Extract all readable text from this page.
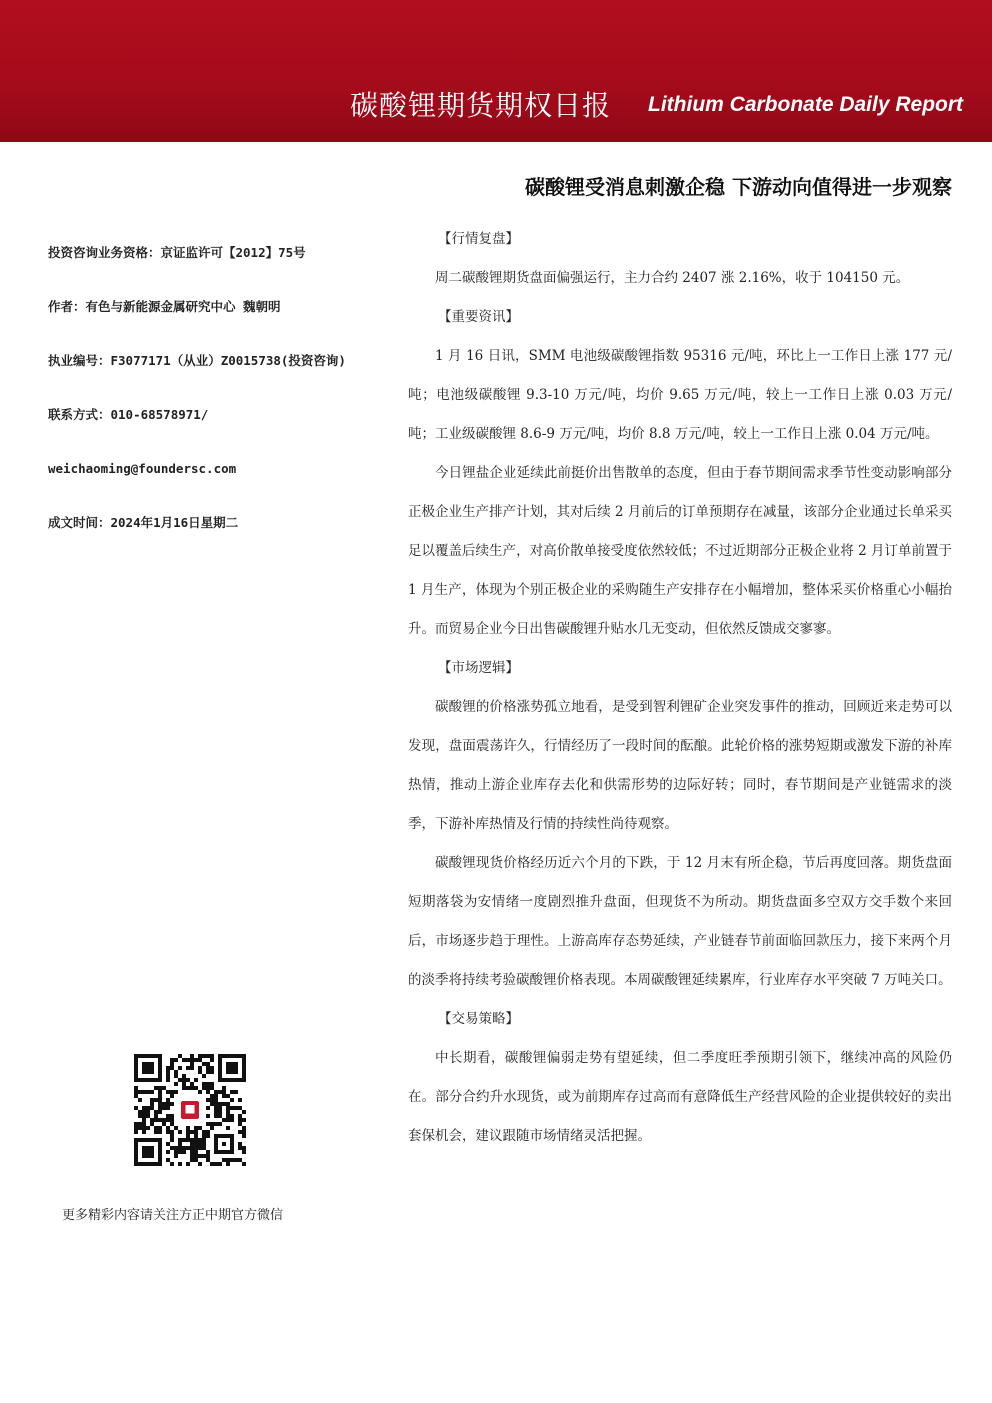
碳酸锂期货期权日报 Lithium Carbonate Daily Report
投资咨询业务资格：京证监许可【2012】75号
作者：有色与新能源金属研究中心 魏朝明
执业编号：F3077171（从业）Z0015738(投资咨询)
联系方式：010-68578971/
weichaoming@foundersc.com
成文时间：2024年1月16日星期二
更多精彩内容请关注方正中期官方微信
碳酸锂受消息刺激企稳 下游动向值得进一步观察
【行情复盘】

周二碳酸锂期货盘面偏强运行，主力合约 2407 涨 2.16%，收于 104150 元。

【重要资讯】

1 月 16 日讯，SMM 电池级碳酸锂指数 95316 元/吨，环比上一工作日上涨 177 元/吨；电池级碳酸锂 9.3-10 万元/吨，均价 9.65 万元/吨，较上一工作日上涨 0.03 万元/吨；工业级碳酸锂 8.6-9 万元/吨，均价 8.8 万元/吨，较上一工作日上涨 0.04 万元/吨。

今日锂盐企业延续此前挺价出售散单的态度，但由于春节期间需求季节性变动影响部分正极企业生产排产计划，其对后续 2 月前后的订单预期存在减量，该部分企业通过长单采买足以覆盖后续生产，对高价散单接受度依然较低；不过近期部分正极企业将 2 月订单前置于 1 月生产，体现为个别正极企业的采购随生产安排存在小幅增加，整体采买价格重心小幅抬升。而贸易企业今日出售碳酸锂升贴水几无变动，但依然反馈成交寥寥。

【市场逻辑】

碳酸锂的价格涨势孤立地看，是受到智利锂矿企业突发事件的推动，回顾近来走势可以发现，盘面震荡许久，行情经历了一段时间的酝酿。此轮价格的涨势短期或激发下游的补库热情，推动上游企业库存去化和供需形势的边际好转；同时，春节期间是产业链需求的淡季，下游补库热情及行情的持续性尚待观察。

碳酸锂现货价格经历近六个月的下跌，于 12 月末有所企稳，节后再度回落。期货盘面短期落袋为安情绪一度剧烈推升盘面，但现货不为所动。期货盘面多空双方交手数个来回后，市场逐步趋于理性。上游高库存态势延续，产业链春节前面临回款压力，接下来两个月的淡季将持续考验碳酸锂价格表现。本周碳酸锂延续累库，行业库存水平突破 7 万吨关口。

【交易策略】

中长期看，碳酸锂偏弱走势有望延续，但二季度旺季预期引领下，继续冲高的风险仍在。部分合约升水现货，或为前期库存过高而有意降低生产经营风险的企业提供较好的卖出套保机会，建议跟随市场情绪灵活把握。
